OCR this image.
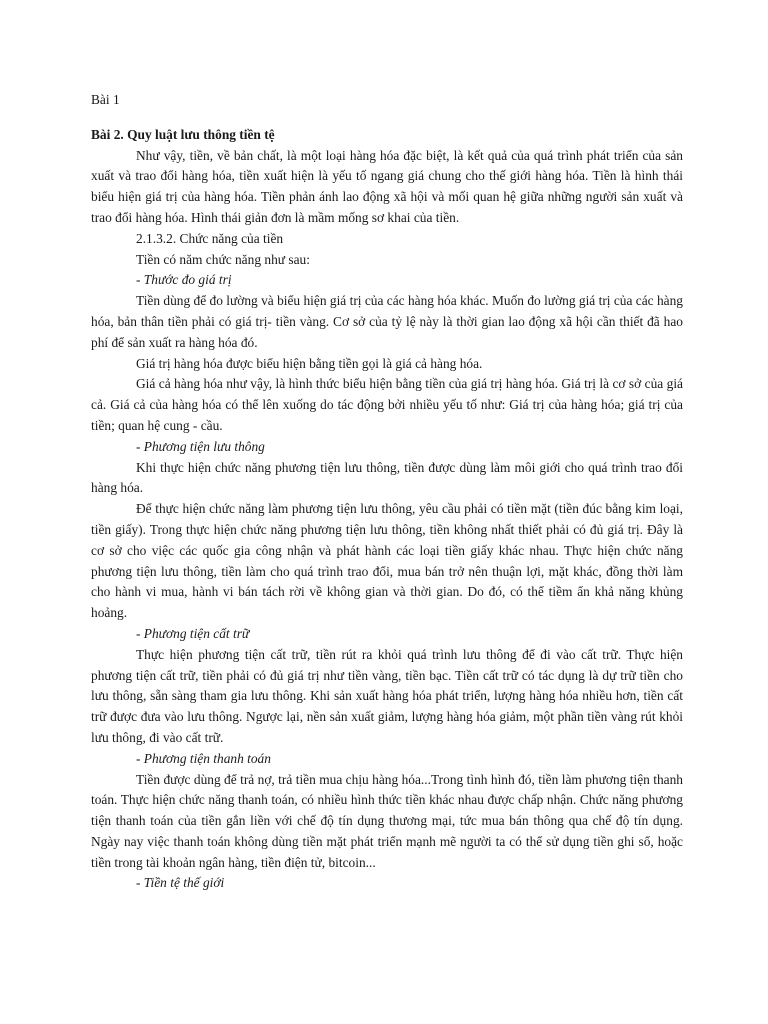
Bài 1

Bài 2. Quy luật lưu thông tiền tệ

Như vậy, tiền, về bản chất, là một loại hàng hóa đặc biệt, là kết quả của quá trình phát triển của sản xuất và trao đổi hàng hóa, tiền xuất hiện là yếu tố ngang giá chung cho thế giới hàng hóa. Tiền là hình thái biểu hiện giá trị của hàng hóa. Tiền phản ánh lao động xã hội và mối quan hệ giữa những người sản xuất và trao đổi hàng hóa. Hình thái giản đơn là mầm mống sơ khai của tiền.

2.1.3.2. Chức năng của tiền

Tiền có năm chức năng như sau:

- Thước đo giá trị

Tiền dùng để đo lường và biểu hiện giá trị của các hàng hóa khác. Muốn đo lường giá trị của các hàng hóa, bản thân tiền phải có giá trị- tiền vàng. Cơ sở của tỷ lệ này là thời gian lao động xã hội cần thiết đã hao phí để sản xuất ra hàng hóa đó.

Giá trị hàng hóa được biểu hiện bằng tiền gọi là giá cả hàng hóa.

Giá cả hàng hóa như vậy, là hình thức biểu hiện bằng tiền của giá trị hàng hóa. Giá trị là cơ sở của giá cả. Giá cả của hàng hóa có thể lên xuống do tác động bởi nhiều yếu tố như: Giá trị của hàng hóa; giá trị của tiền; quan hệ cung - cầu.

- Phương tiện lưu thông

Khi thực hiện chức năng phương tiện lưu thông, tiền được dùng làm môi giới cho quá trình trao đổi hàng hóa.

Để thực hiện chức năng làm phương tiện lưu thông, yêu cầu phải có tiền mặt (tiền đúc bằng kim loại, tiền giấy). Trong thực hiện chức năng phương tiện lưu thông, tiền không nhất thiết phải có đủ giá trị. Đây là cơ sở cho việc các quốc gia công nhận và phát hành các loại tiền giấy khác nhau. Thực hiện chức năng phương tiện lưu thông, tiền làm cho quá trình trao đổi, mua bán trở nên thuận lợi, mặt khác, đồng thời làm cho hành vi mua, hành vi bán tách rời về không gian và thời gian. Do đó, có thể tiềm ẩn khả năng khủng hoảng.

- Phương tiện cất trữ

Thực hiện phương tiện cất trữ, tiền rút ra khỏi quá trình lưu thông để đi vào cất trữ. Thực hiện phương tiện cất trữ, tiền phải có đủ giá trị như tiền vàng, tiền bạc. Tiền cất trữ có tác dụng là dự trữ tiền cho lưu thông, sẵn sàng tham gia lưu thông. Khi sản xuất hàng hóa phát triển, lượng hàng hóa nhiều hơn, tiền cất trữ được đưa vào lưu thông. Ngược lại, nền sản xuất giảm, lượng hàng hóa giảm, một phần tiền vàng rút khỏi lưu thông, đi vào cất trữ.

- Phương tiện thanh toán

Tiền được dùng để trả nợ, trả tiền mua chịu hàng hóa...Trong tình hình đó, tiền làm phương tiện thanh toán. Thực hiện chức năng thanh toán, có nhiều hình thức tiền khác nhau được chấp nhận. Chức năng phương tiện thanh toán của tiền gắn liền với chế độ tín dụng thương mại, tức mua bán thông qua chế độ tín dụng. Ngày nay việc thanh toán không dùng tiền mặt phát triển mạnh mẽ người ta có thể sử dụng tiền ghi sổ, hoặc tiền trong tài khoản ngân hàng, tiền điện tử, bitcoin...

- Tiền tệ thế giới
